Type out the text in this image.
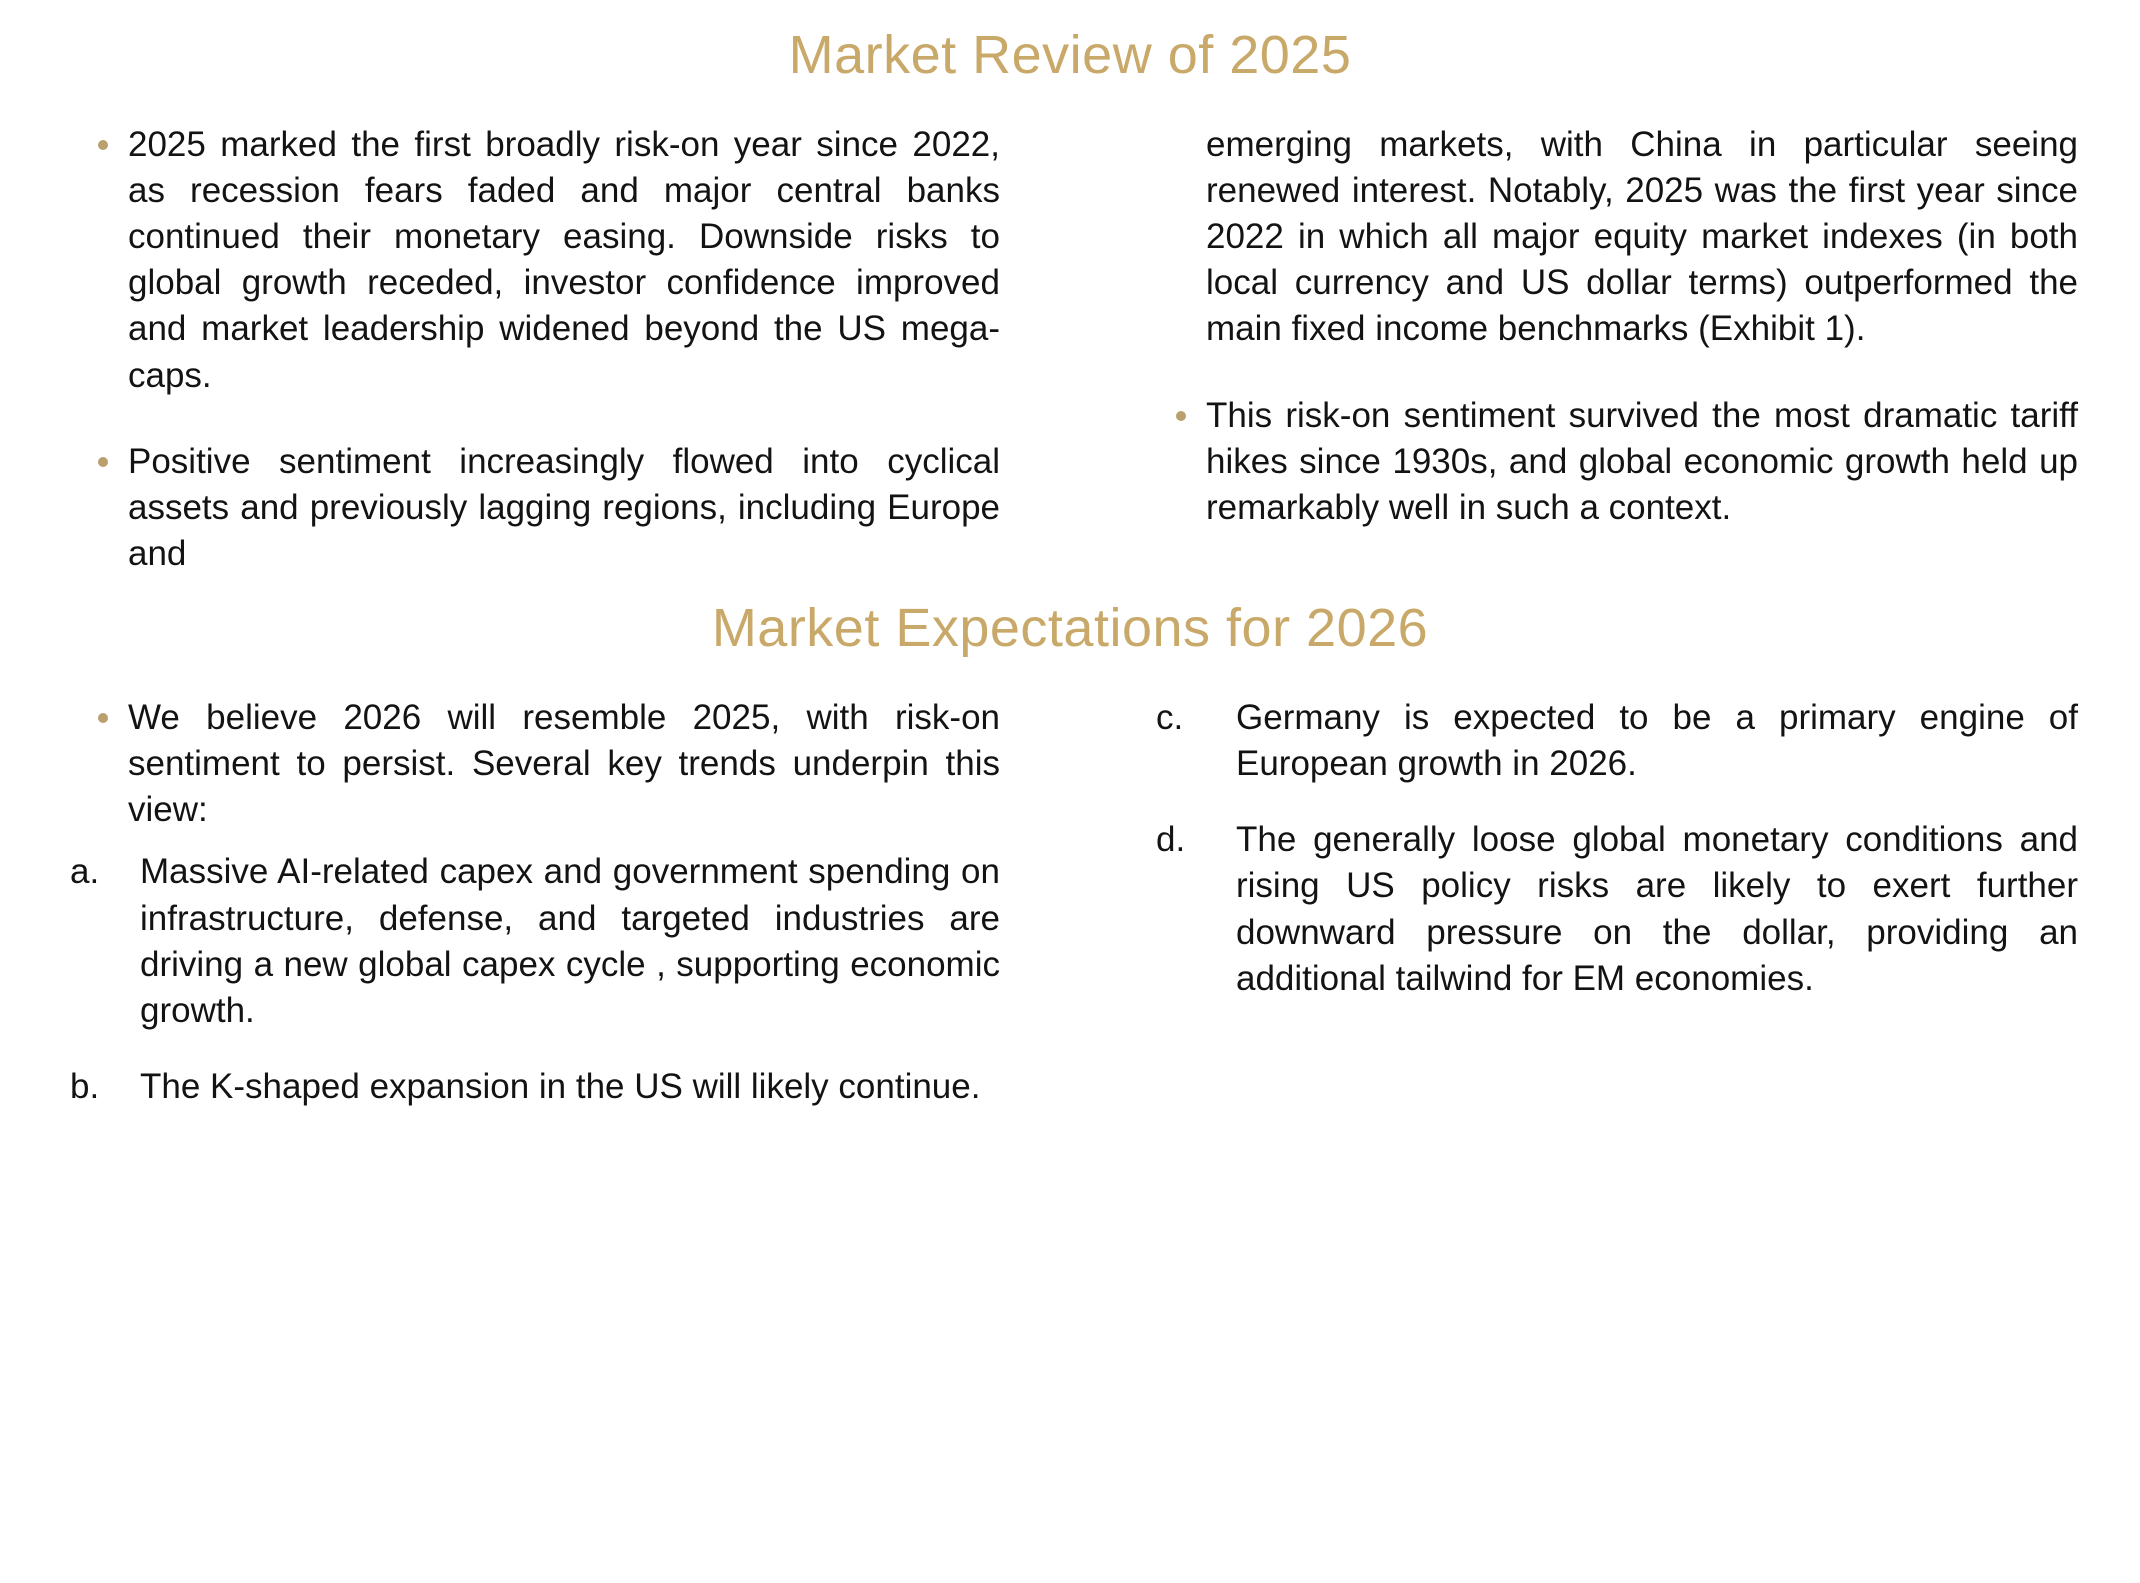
Market Review of 2025
2025 marked the first broadly risk-on year since 2022, as recession fears faded and major central banks continued their monetary easing. Downside risks to global growth receded, investor confidence improved and market leadership widened beyond the US mega-caps.
Positive sentiment increasingly flowed into cyclical assets and previously lagging regions, including Europe and

emerging markets, with China in particular seeing renewed interest. Notably, 2025 was the first year since 2022 in which all major equity market indexes (in both local currency and US dollar terms) outperformed the main fixed income benchmarks (Exhibit 1).

This risk-on sentiment survived the most dramatic tariff hikes since 1930s, and global economic growth held up remarkably well in such a context.
Market Expectations for 2026
We believe 2026 will resemble 2025, with risk-on sentiment to persist. Several key trends underpin this view:
a.	Massive AI-related capex and government spending on infrastructure, defense, and targeted industries are driving a new global capex cycle , supporting economic growth.
b.	The K-shaped expansion in the US will likely continue.
c.	Germany is expected to be a primary engine of European growth in 2026.
d.	The generally loose global monetary conditions and rising US policy risks are likely to exert further downward pressure on the dollar, providing an additional tailwind for EM economies.
